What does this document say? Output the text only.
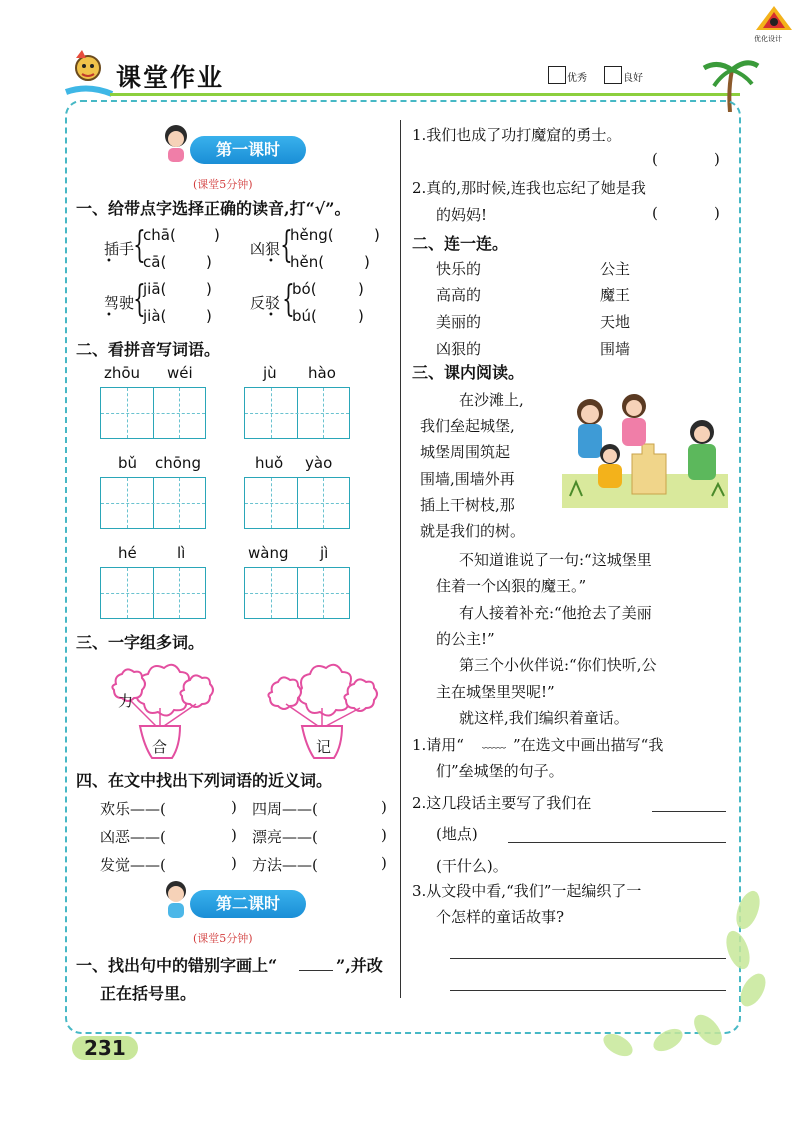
课堂作业	优秀	良好
优化设计
第一课时
(课堂5分钟)
一、给带点字选择正确的读音,打“√”。
插手
• {
chā(	)
cā(	)
凶狠
• {
hěng(	)
hěn(	)
驾驶
• {
jiā(	)
jià(	)
反驳
• {
bó(	)
bú(	)
二、看拼音写词语。
zhōu wéi	jù hào
bǔ chōng	huǒ yào
hé	lì	wàng jì
三、一字组多词。
力
合	记
四、在文中找出下列词语的近义词。
欢乐——(	) 四周——(	)
凶恶——(	) 漂亮——(	)
发觉——(	) 方法——(	)
第二课时
(课堂5分钟)
一、找出句中的错别字画上“	”,并改
正在括号里。
1.我们也成了功打魔窟的勇士。
(	)
2.真的,那时候,连我也忘纪了她是我
的妈妈!	(	)
二、连一连。
快乐的	公主
高高的	魔王
美丽的	天地
凶狠的	围墙
三、课内阅读。
在沙滩上,
我们垒起城堡,
城堡周围筑起
围墙,围墙外再
插上干树枝,那
就是我们的树。
不知道谁说了一句:“这城堡里
住着一个凶狠的魔王。”
有人接着补充:“他抢去了美丽
的公主!”
第三个小伙伴说:“你们快听,公
主在城堡里哭呢!”
就这样,我们编织着童话。
1.请用“ ﹏﹏ ”在选文中画出描写“我
们”垒城堡的句子。
2.这几段话主要写了我们在
(地点)
(干什么)。
3.从文段中看,“我们”一起编织了一
个怎样的童话故事?
231
